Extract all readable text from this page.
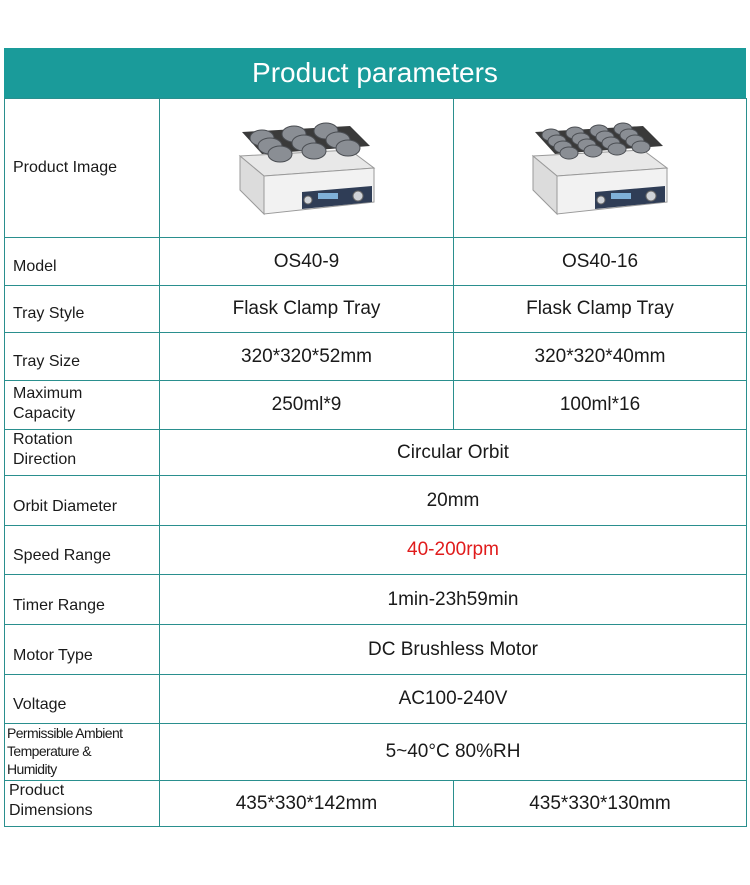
Product parameters
Product Image		
Model	OS40-9	OS40-16
Tray Style	Flask Clamp Tray	Flask Clamp Tray
Tray Size	320*320*52mm	320*320*40mm

Maximum
Capacity	250ml*9	100ml*16

Rotation
Direction	Circular Orbit	
Orbit Diameter	20mm	
Speed Range	40-200rpm	
Timer Range	1min-23h59min	
Motor Type	DC Brushless Motor	
Voltage	AC100-240V	

Permissible Ambient
Temperature &
Humidity	5~40°C 80%RH	

Product
Dimensions	435*330*142mm	435*330*130mm
